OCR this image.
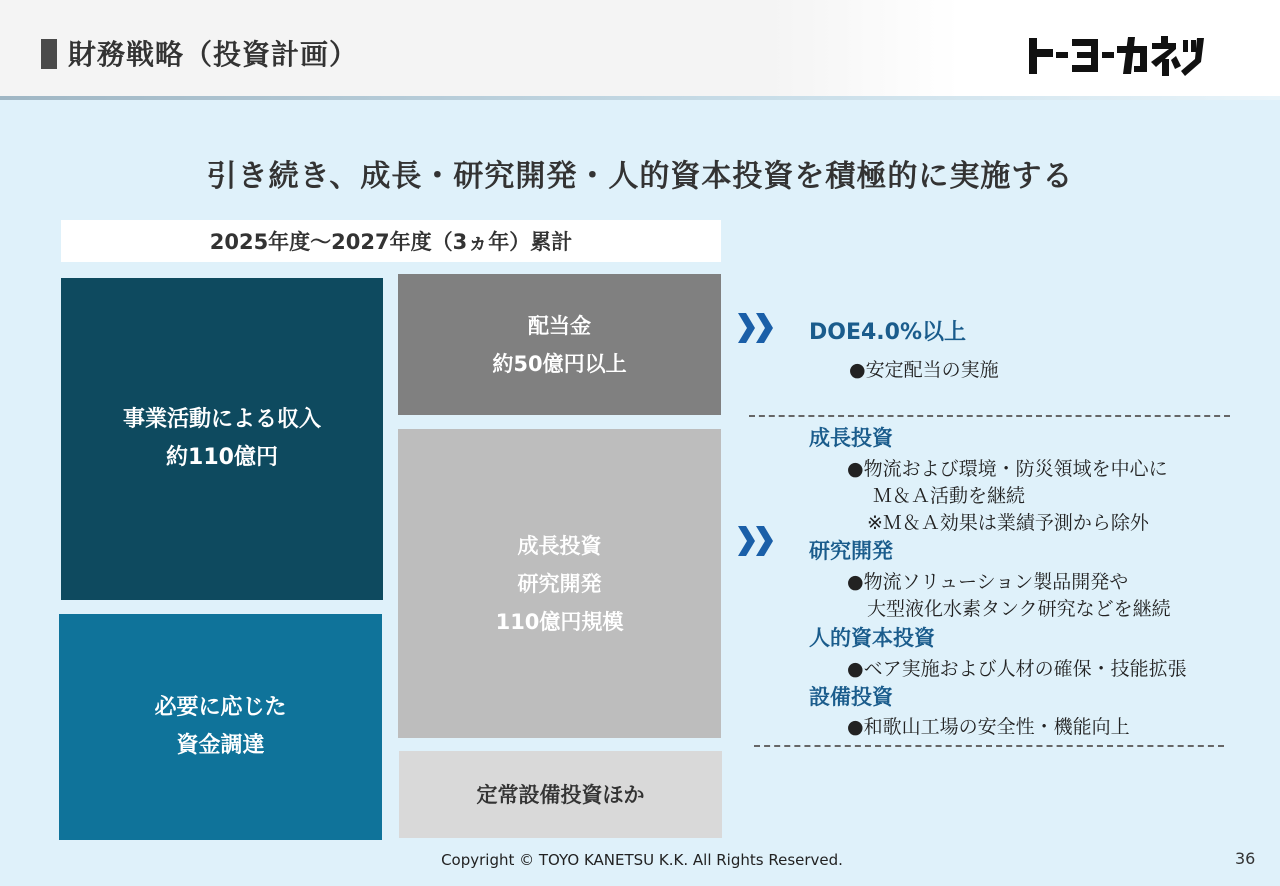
財務戦略（投資計画）
引き続き、成長・研究開発・人的資本投資を積極的に実施する
2025年度～2027年度（3ヵ年）累計
事業活動による収入
約110億円
必要に応じた
資金調達
配当金
約50億円以上
成長投資
研究開発
110億円規模
定常設備投資ほか
DOE4.0%以上
●安定配当の実施
成長投資
●物流および環境・防災領域を中心に
Ｍ＆Ａ活動を継続
※Ｍ＆Ａ効果は業績予測から除外
研究開発
●物流ソリューション製品開発や
大型液化水素タンク研究などを継続
人的資本投資
●ベア実施および人材の確保・技能拡張
設備投資
●和歌山工場の安全性・機能向上
Copyright © TOYO KANETSU K.K. All Rights Reserved.	36
